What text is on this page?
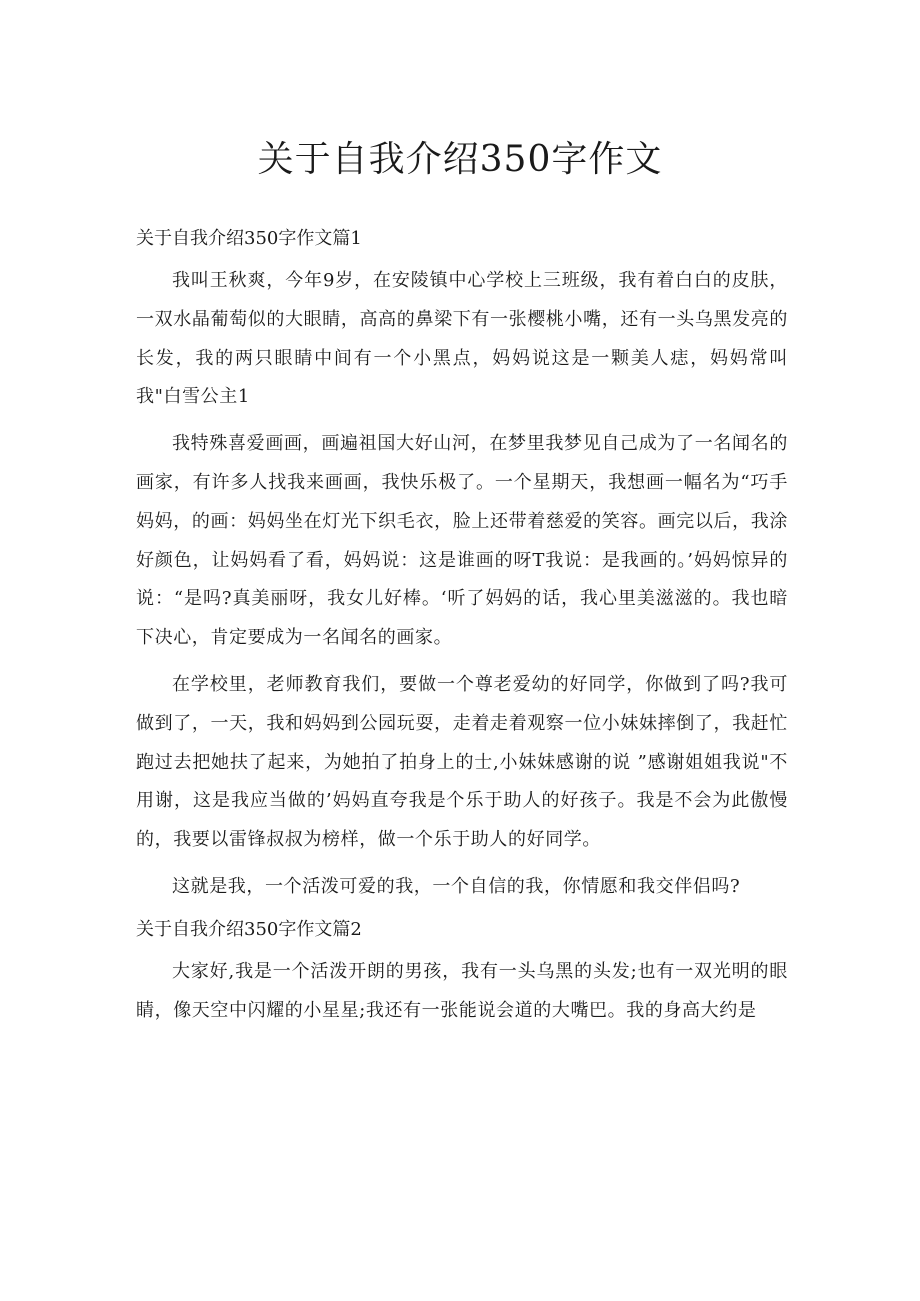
关于自我介绍350字作文
关于自我介绍350字作文篇1

我叫王秋爽，今年9岁，在安陵镇中心学校上三班级，我有着白白的皮肤，一双水晶葡萄似的大眼睛，高高的鼻梁下有一张樱桃小嘴，还有一头乌黑发亮的长发，我的两只眼睛中间有一个小黑点，妈妈说这是一颗美人痣，妈妈常叫我"白雪公主1

我特殊喜爱画画，画遍祖国大好山河，在梦里我梦见自己成为了一名闻名的画家，有许多人找我来画画，我快乐极了。一个星期天，我想画一幅名为“巧手妈妈，的画：妈妈坐在灯光下织毛衣，脸上还带着慈爱的笑容。画完以后，我涂好颜色，让妈妈看了看，妈妈说：这是谁画的呀T我说：是我画的。’妈妈惊异的说：“是吗?真美丽呀，我女儿好棒。‘听了妈妈的话，我心里美滋滋的。我也暗下决心，肯定要成为一名闻名的画家。

在学校里，老师教育我们，要做一个尊老爱幼的好同学，你做到了吗?我可做到了，一天，我和妈妈到公园玩耍，走着走着观察一位小妹妹摔倒了，我赶忙跑过去把她扶了起来，为她拍了拍身上的士,小妹妹感谢的说 ”感谢姐姐我说"不用谢，这是我应当做的’妈妈直夸我是个乐于助人的好孩子。我是不会为此傲慢的，我要以雷锋叔叔为榜样，做一个乐于助人的好同学。

这就是我，一个活泼可爱的我，一个自信的我，你情愿和我交伴侣吗?

关于自我介绍350字作文篇2

大家好,我是一个活泼开朗的男孩，我有一头乌黑的头发;也有一双光明的眼睛，像天空中闪耀的小星星;我还有一张能说会道的大嘴巴。我的身高大约是
